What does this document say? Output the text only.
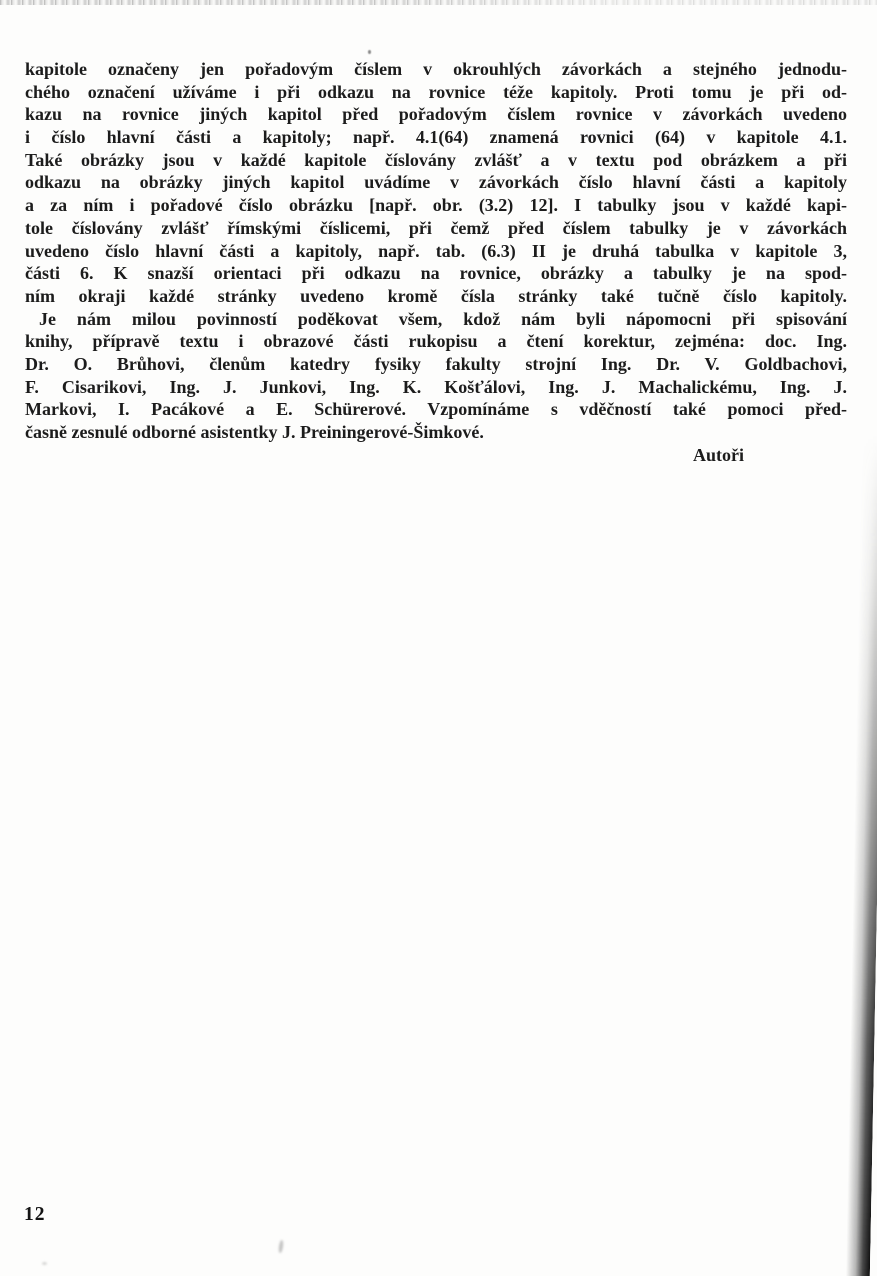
kapitole označeny jen pořadovým číslem v okrouhlých závorkách a stejného jednodu-
chého označení užíváme i při odkazu na rovnice téže kapitoly. Proti tomu je při od-
kazu na rovnice jiných kapitol před pořadovým číslem rovnice v závorkách uvedeno
i číslo hlavní části a kapitoly; např. 4.1(64) znamená rovnici (64) v kapitole 4.1.
Také obrázky jsou v každé kapitole číslovány zvlášť a v textu pod obrázkem a při
odkazu na obrázky jiných kapitol uvádíme v závorkách číslo hlavní části a kapitoly
a za ním i pořadové číslo obrázku [např. obr. (3.2) 12]. I tabulky jsou v každé kapi-
tole číslovány zvlášť římskými číslicemi, při čemž před číslem tabulky je v závorkách
uvedeno číslo hlavní části a kapitoly, např. tab. (6.3) II je druhá tabulka v kapitole 3,
části 6. K snazší orientaci při odkazu na rovnice, obrázky a tabulky je na spod-
ním okraji každé stránky uvedeno kromě čísla stránky také tučně číslo kapitoly.
Je nám milou povinností poděkovat všem, kdož nám byli nápomocni při spisování
knihy, přípravě textu i obrazové části rukopisu a čtení korektur, zejména: doc. Ing.
Dr. O. Brůhovi, členům katedry fysiky fakulty strojní Ing. Dr. V. Goldbachovi,
F. Cisarikovi, Ing. J. Junkovi, Ing. K. Košťálovi, Ing. J. Machalickému, Ing. J.
Markovi, I. Pacákové a E. Schürerové. Vzpomínáme s vděčností také pomoci před-
časně zesnulé odborné asistentky J. Preiningerové-Šimkové.
Autoři
12
